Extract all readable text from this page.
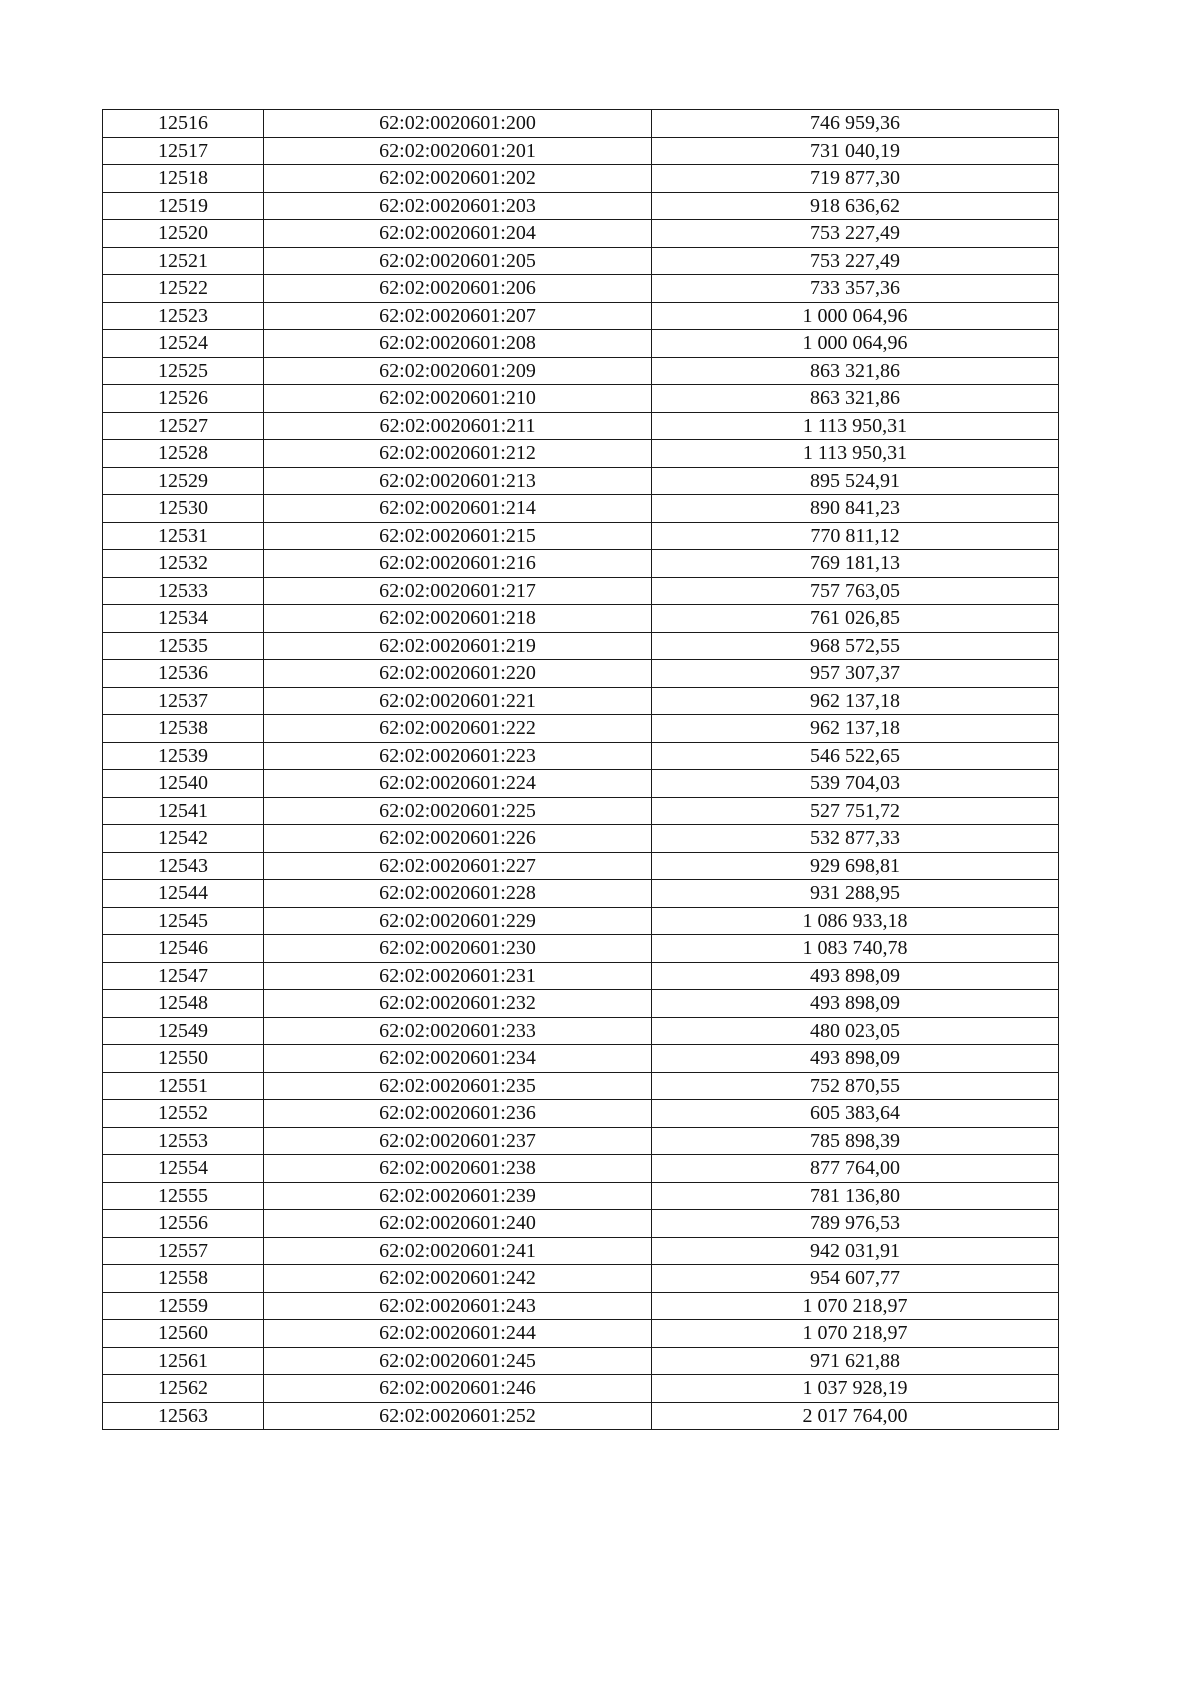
12516	62:02:0020601:200	746 959,36
12517	62:02:0020601:201	731 040,19
12518	62:02:0020601:202	719 877,30
12519	62:02:0020601:203	918 636,62
12520	62:02:0020601:204	753 227,49
12521	62:02:0020601:205	753 227,49
12522	62:02:0020601:206	733 357,36
12523	62:02:0020601:207	1 000 064,96
12524	62:02:0020601:208	1 000 064,96
12525	62:02:0020601:209	863 321,86
12526	62:02:0020601:210	863 321,86
12527	62:02:0020601:211	1 113 950,31
12528	62:02:0020601:212	1 113 950,31
12529	62:02:0020601:213	895 524,91
12530	62:02:0020601:214	890 841,23
12531	62:02:0020601:215	770 811,12
12532	62:02:0020601:216	769 181,13
12533	62:02:0020601:217	757 763,05
12534	62:02:0020601:218	761 026,85
12535	62:02:0020601:219	968 572,55
12536	62:02:0020601:220	957 307,37
12537	62:02:0020601:221	962 137,18
12538	62:02:0020601:222	962 137,18
12539	62:02:0020601:223	546 522,65
12540	62:02:0020601:224	539 704,03
12541	62:02:0020601:225	527 751,72
12542	62:02:0020601:226	532 877,33
12543	62:02:0020601:227	929 698,81
12544	62:02:0020601:228	931 288,95
12545	62:02:0020601:229	1 086 933,18
12546	62:02:0020601:230	1 083 740,78
12547	62:02:0020601:231	493 898,09
12548	62:02:0020601:232	493 898,09
12549	62:02:0020601:233	480 023,05
12550	62:02:0020601:234	493 898,09
12551	62:02:0020601:235	752 870,55
12552	62:02:0020601:236	605 383,64
12553	62:02:0020601:237	785 898,39
12554	62:02:0020601:238	877 764,00
12555	62:02:0020601:239	781 136,80
12556	62:02:0020601:240	789 976,53
12557	62:02:0020601:241	942 031,91
12558	62:02:0020601:242	954 607,77
12559	62:02:0020601:243	1 070 218,97
12560	62:02:0020601:244	1 070 218,97
12561	62:02:0020601:245	971 621,88
12562	62:02:0020601:246	1 037 928,19
12563	62:02:0020601:252	2 017 764,00
